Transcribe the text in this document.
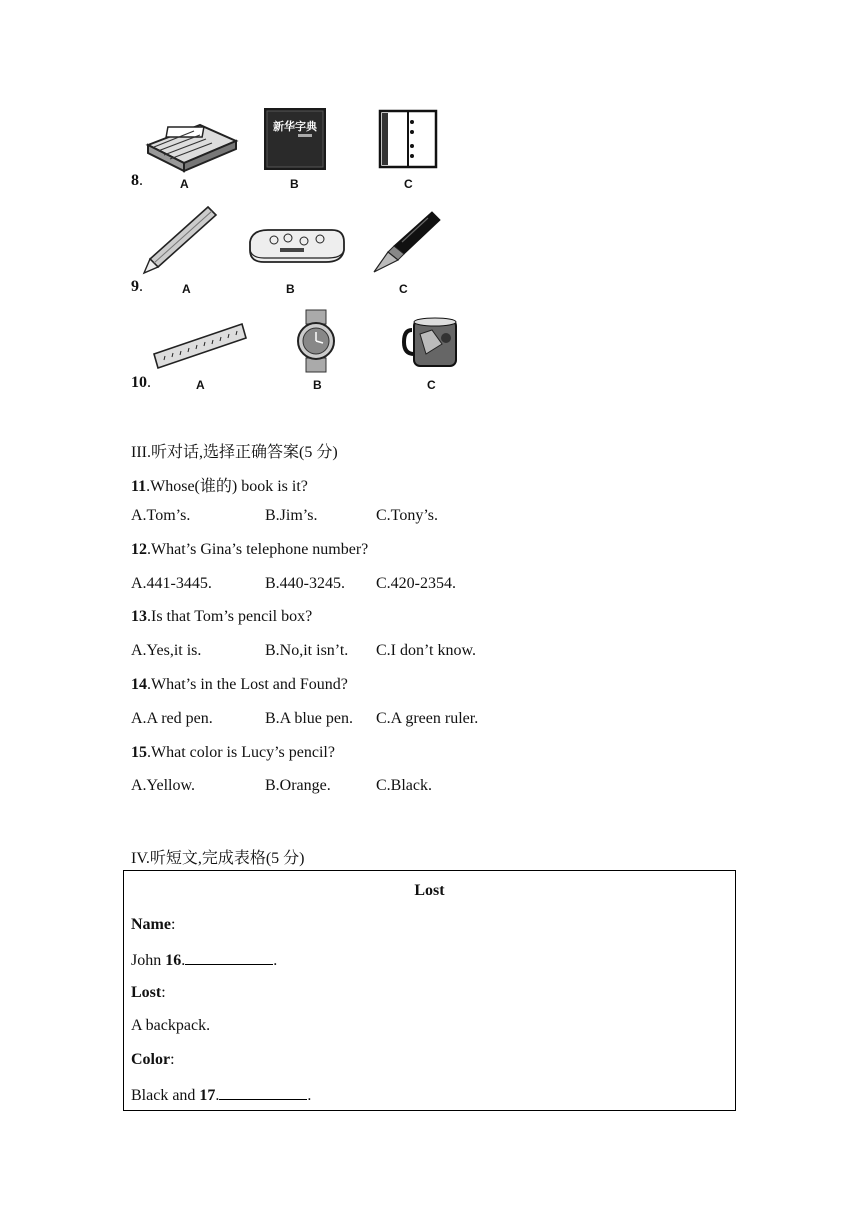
8.
新华字典
A	B	C
9.	A	B	C
10.	A	B	C
III.听对话,选择正确答案(5 分)
11.Whose(谁的) book is it?
A.Tom’s.	B.Jim’s.	C.Tony’s.
12.What’s Gina’s telephone number?
A.441-3445.	B.440-3245. C.420-2354.
13.Is that Tom’s pencil box?
A.Yes,it is.	B.No,it isn’t. C.I don’t know.
14.What’s in the Lost and Found?
A.A red pen.	B.A blue pen. C.A green ruler.
15.What color is Lucy’s pencil?
A.Yellow.	B.Orange.	C.Black.
IV.听短文,完成表格(5 分)
Lost
Name:
John 16.	.
Lost:
A backpack.
Color:
Black and 17.	.
